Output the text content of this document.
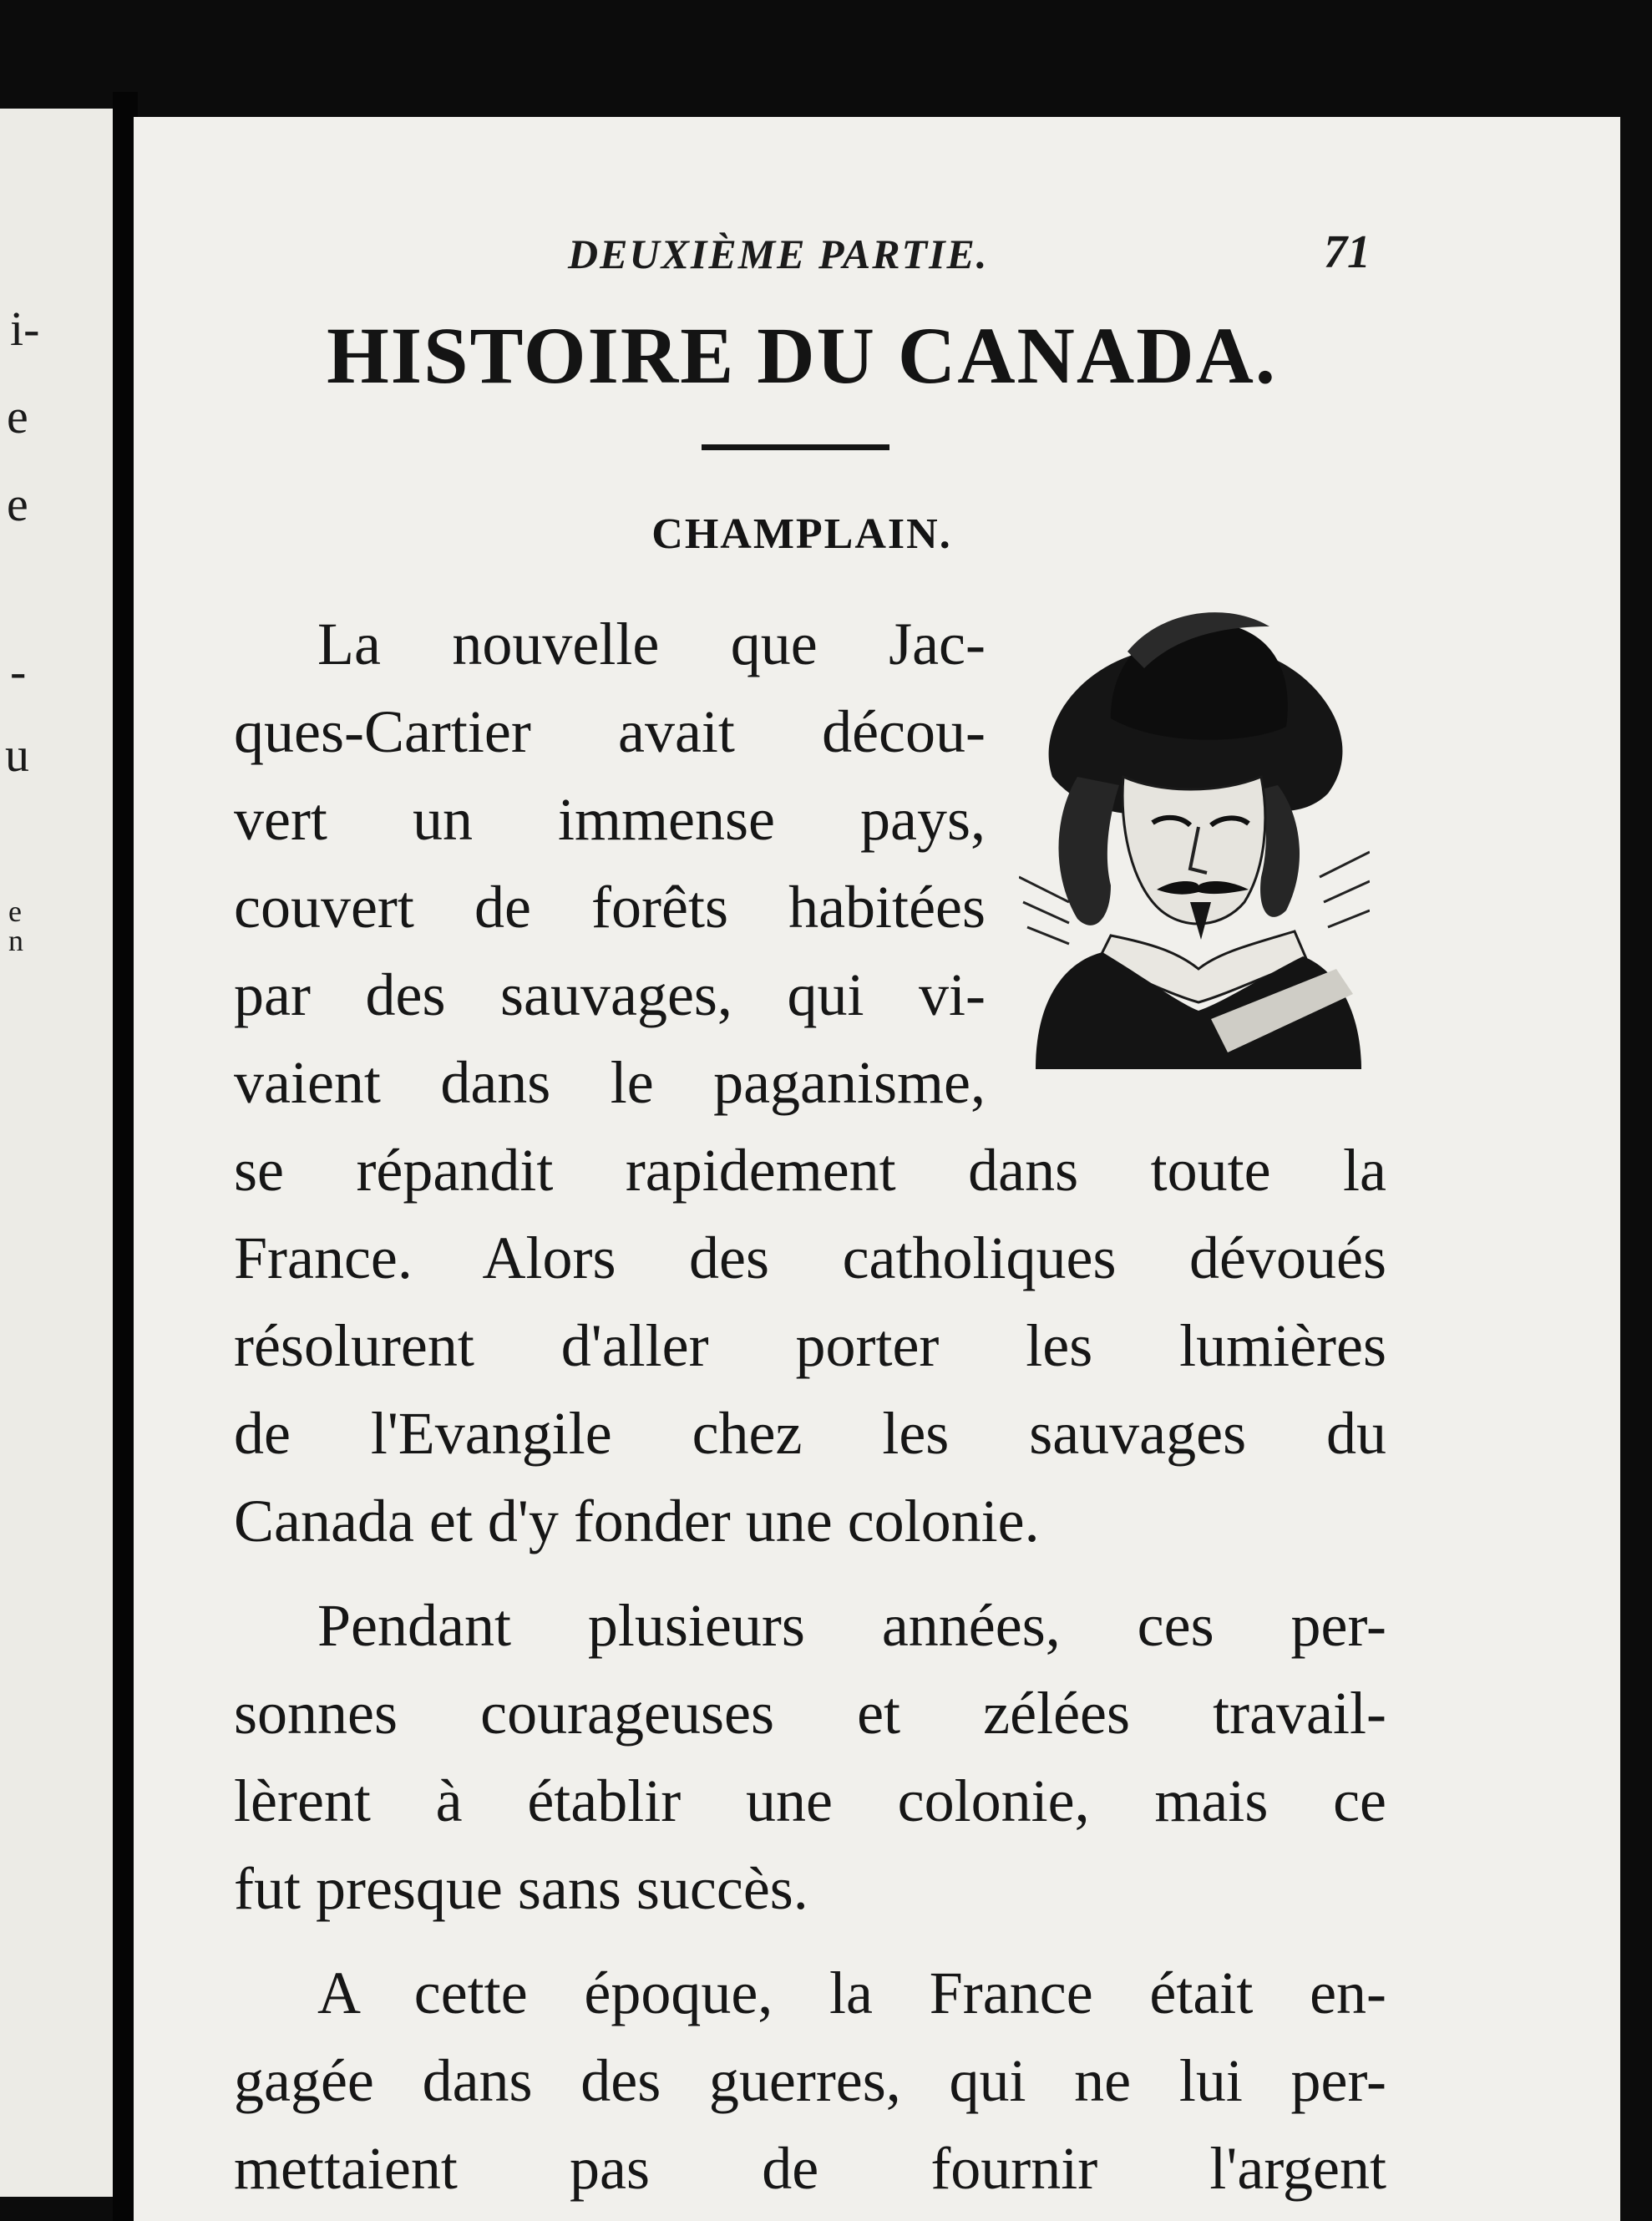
i-
e
e
-
u
e
n
DEUXIÈME PARTIE.	71
HISTOIRE DU CANADA.
CHAMPLAIN.
La nouvelle que Jac-
ques-Cartier avait décou-
vert un immense pays,
couvert de forêts habitées
par des sauvages, qui vi-
vaient dans le paganisme,
se répandit rapidement dans toute la
France. Alors des catholiques dévoués
résolurent d'aller porter les lumières
de l'Evangile chez les sauvages du
Canada et d'y fonder une colonie.
Pendant plusieurs années, ces per-
sonnes courageuses et zélées travail-
lèrent à établir une colonie, mais ce
fut presque sans succès.
A cette époque, la France était en-
gagée dans des guerres, qui ne lui per-
mettaient pas de fournir l'argent
